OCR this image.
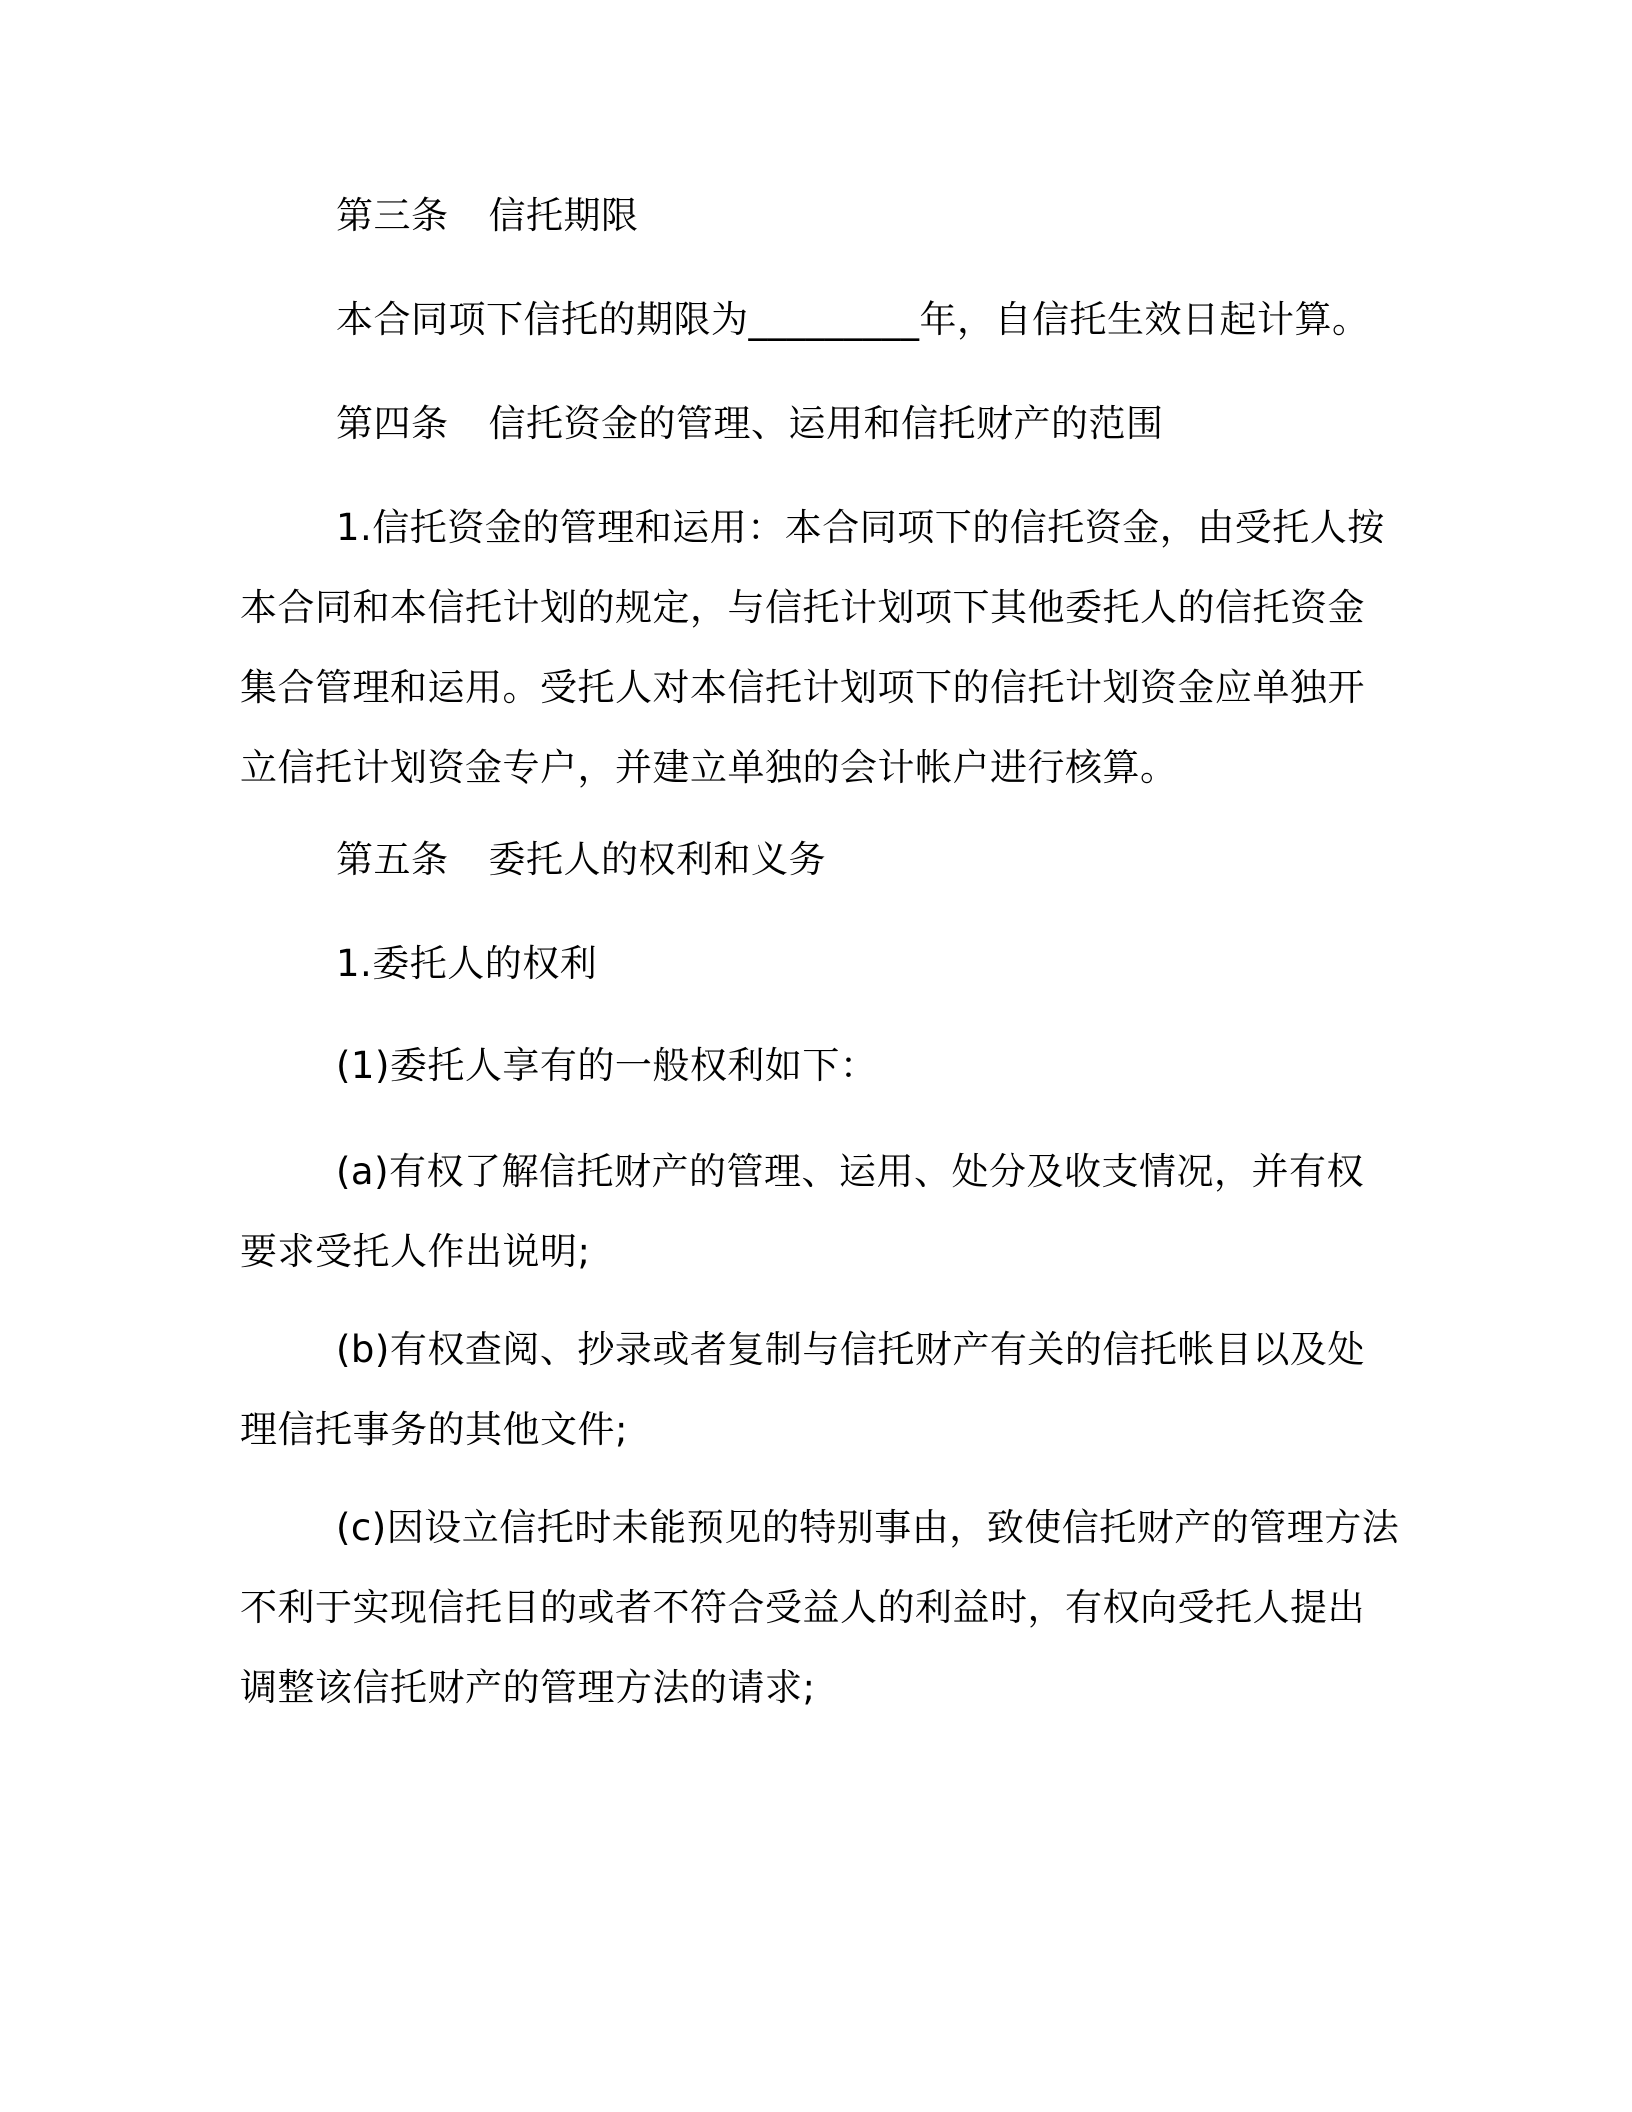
第三条 信托期限
本合同项下信托的期限为_________年，自信托生效日起计算。
第四条 信托资金的管理、运用和信托财产的范围
1.信托资金的管理和运用：本合同项下的信托资金，由受托人按
本合同和本信托计划的规定，与信托计划项下其他委托人的信托资金
集合管理和运用。受托人对本信托计划项下的信托计划资金应单独开
立信托计划资金专户，并建立单独的会计帐户进行核算。
第五条 委托人的权利和义务
1.委托人的权利
(1)委托人享有的一般权利如下：
(a)有权了解信托财产的管理、运用、处分及收支情况，并有权
要求受托人作出说明;
(b)有权查阅、抄录或者复制与信托财产有关的信托帐目以及处
理信托事务的其他文件;
(c)因设立信托时未能预见的特别事由，致使信托财产的管理方法
不利于实现信托目的或者不符合受益人的利益时，有权向受托人提出
调整该信托财产的管理方法的请求;
